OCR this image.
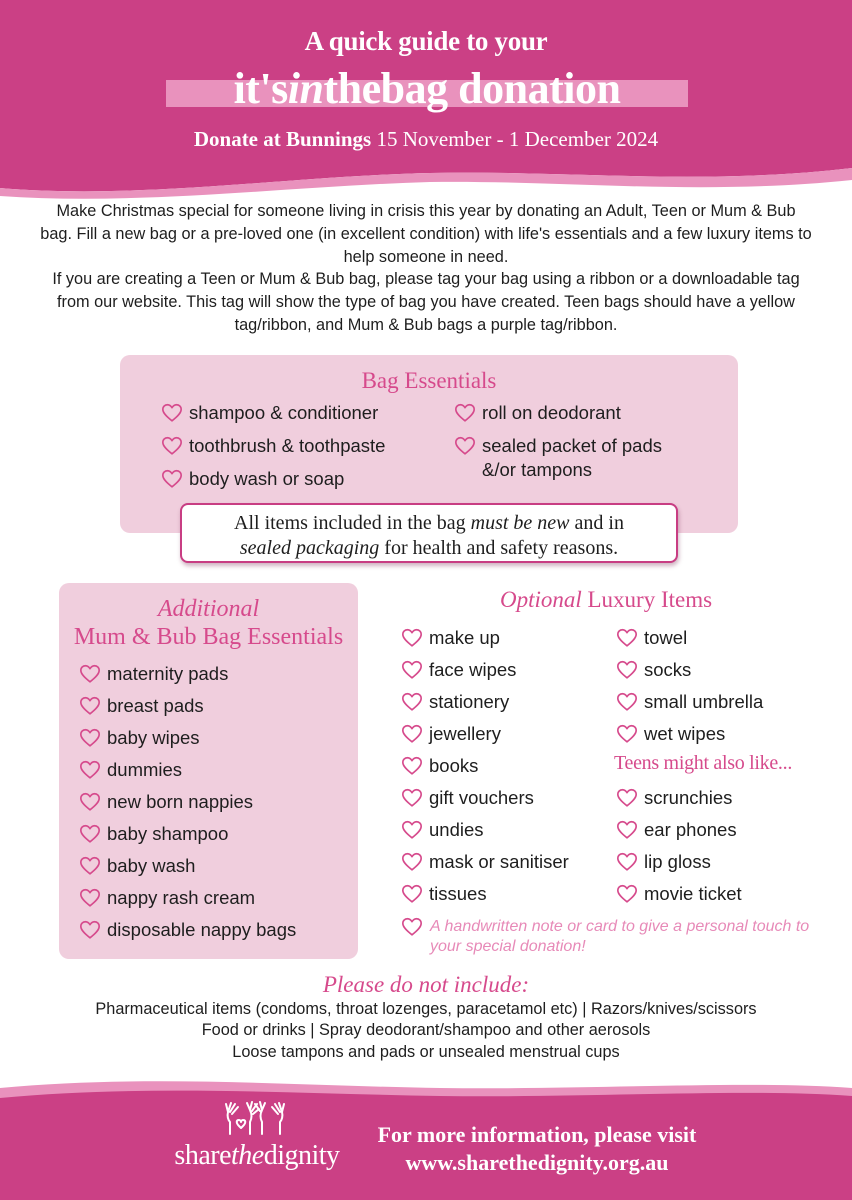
A quick guide to your
it'sinthebag donation
Donate at Bunnings 15 November - 1 December 2024
Make Christmas special for someone living in crisis this year by donating an Adult, Teen or Mum & Bub bag. Fill a new bag or a pre-loved one (in excellent condition) with life's essentials and a few luxury items to help someone in need.
If you are creating a Teen or Mum & Bub bag, please tag your bag using a ribbon or a downloadable tag from our website. This tag will show the type of bag you have created. Teen bags should have a yellow tag/ribbon, and Mum & Bub bags a purple tag/ribbon.
Bag Essentials
shampoo & conditioner
toothbrush & toothpaste
body wash or soap
roll on deodorant
sealed packet of pads
&/or tampons
All items included in the bag must be new and in
sealed packaging for health and safety reasons.
Additional
Mum & Bub Bag Essentials
maternity pads
breast pads
baby wipes
dummies
new born nappies
baby shampoo
baby wash
nappy rash cream
disposable nappy bags
Optional Luxury Items
make up
face wipes
stationery
jewellery
books
gift vouchers
undies
mask or sanitiser
tissues
towel
socks
small umbrella
wet wipes
Teens might also like...
scrunchies
ear phones
lip gloss
movie ticket
A handwritten note or card to give a personal touch to your special donation!
Please do not include:
Pharmaceutical items (condoms, throat lozenges, paracetamol etc) | Razors/knives/scissors
Food or drinks | Spray deodorant/shampoo and other aerosols
Loose tampons and pads or unsealed menstrual cups
sharethedignity
For more information, please visit
www.sharethedignity.org.au
